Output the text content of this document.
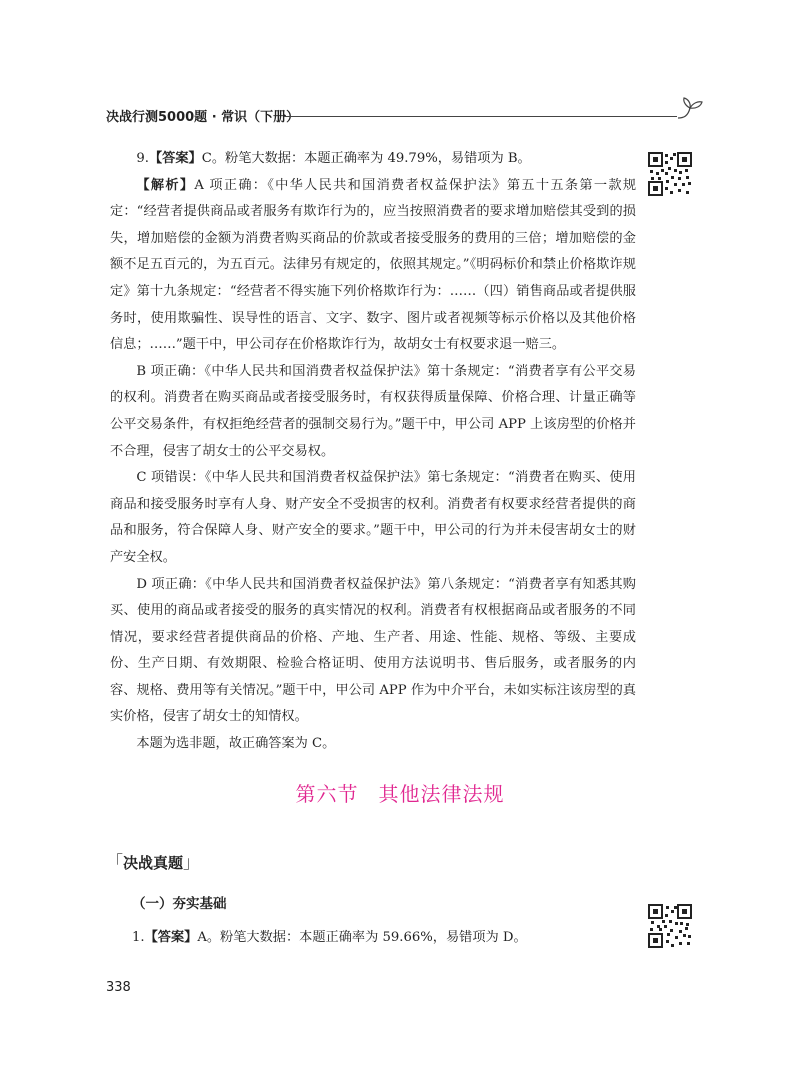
决战行测5000题 · 常识（下册）

9.【答案】C。粉笔大数据：本题正确率为 49.79%，易错项为 B。

【解析】A 项正确：《中华人民共和国消费者权益保护法》第五十五条第一款规定：“经营者提供商品或者服务有欺诈行为的，应当按照消费者的要求增加赔偿其受到的损失，增加赔偿的金额为消费者购买商品的价款或者接受服务的费用的三倍；增加赔偿的金额不足五百元的，为五百元。法律另有规定的，依照其规定。”《明码标价和禁止价格欺诈规定》第十九条规定：“经营者不得实施下列价格欺诈行为：……（四）销售商品或者提供服务时，使用欺骗性、误导性的语言、文字、数字、图片或者视频等标示价格以及其他价格信息；……”题干中，甲公司存在价格欺诈行为，故胡女士有权要求退一赔三。

B 项正确：《中华人民共和国消费者权益保护法》第十条规定：“消费者享有公平交易的权利。消费者在购买商品或者接受服务时，有权获得质量保障、价格合理、计量正确等公平交易条件，有权拒绝经营者的强制交易行为。”题干中，甲公司 APP 上该房型的价格并不合理，侵害了胡女士的公平交易权。

C 项错误：《中华人民共和国消费者权益保护法》第七条规定：“消费者在购买、使用商品和接受服务时享有人身、财产安全不受损害的权利。消费者有权要求经营者提供的商品和服务，符合保障人身、财产安全的要求。”题干中，甲公司的行为并未侵害胡女士的财产安全权。

D 项正确：《中华人民共和国消费者权益保护法》第八条规定：“消费者享有知悉其购买、使用的商品或者接受的服务的真实情况的权利。消费者有权根据商品或者服务的不同情况，要求经营者提供商品的价格、产地、生产者、用途、性能、规格、等级、主要成份、生产日期、有效期限、检验合格证明、使用方法说明书、售后服务，或者服务的内容、规格、费用等有关情况。”题干中，甲公司 APP 作为中介平台，未如实标注该房型的真实价格，侵害了胡女士的知情权。

本题为选非题，故正确答案为 C。

第六节 其他法律法规
「决战真题」
（一）夯实基础
1.【答案】A。粉笔大数据：本题正确率为 59.66%，易错项为 D。
338
